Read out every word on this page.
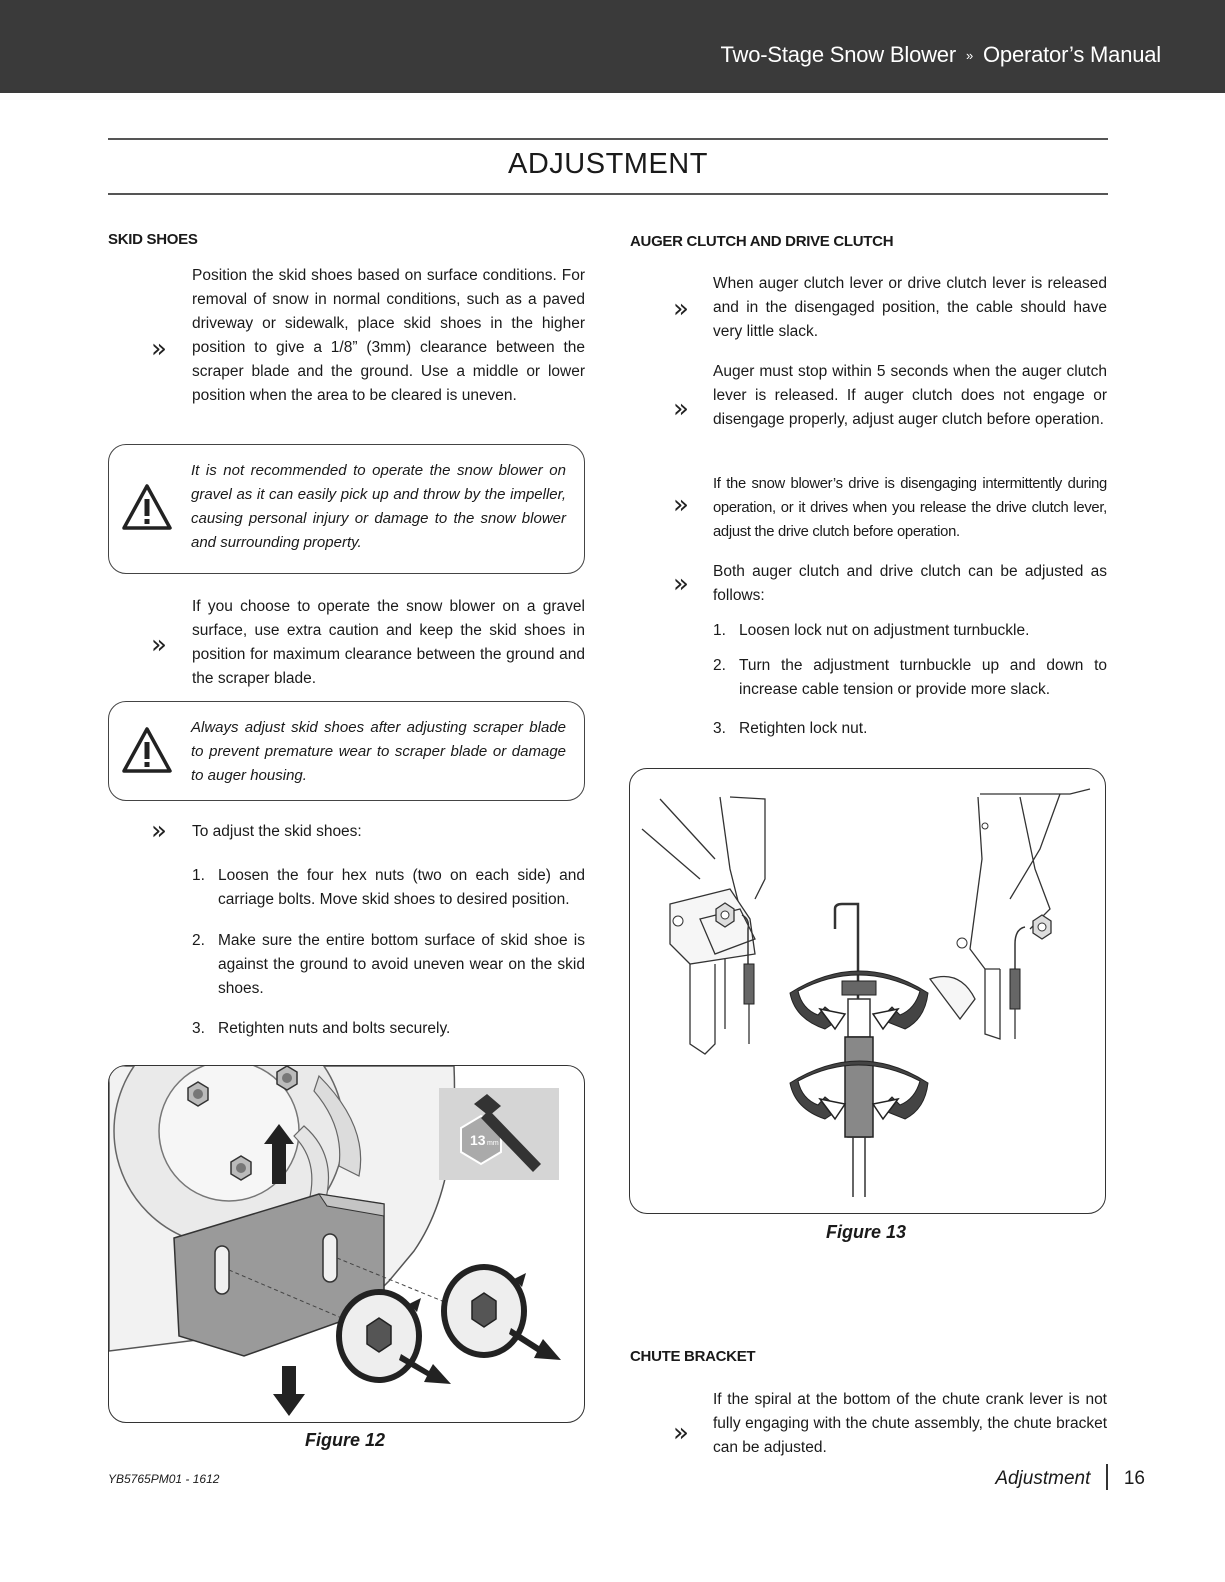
Two-Stage Snow Blower » Operator’s Manual
ADJUSTMENT
SKID SHOES
»
Position the skid shoes based on surface conditions. For removal of snow in normal conditions, such as a paved driveway or sidewalk, place skid shoes in the higher position to give a 1/8” (3mm) clearance between the scraper blade and the ground. Use a middle or lower position when the area to be cleared is uneven.
It is not recommended to operate the snow blower on gravel as it can easily pick up and throw by the impeller, causing personal injury or damage to the snow blower and surrounding property.
»
If you choose to operate the snow blower on a gravel surface, use extra caution and keep the skid shoes in position for maximum clearance between the ground and the scraper blade.
Always adjust skid shoes after adjusting scraper blade to prevent premature wear to scraper blade or damage to auger housing.
» To adjust the skid shoes:
1. Loosen the four hex nuts (two on each side) and carriage bolts. Move skid shoes to desired position.
2. Make sure the entire bottom surface of skid shoe is against the ground to avoid uneven wear on the skid shoes.
3. Retighten nuts and bolts securely.
13 mm
Figure 12
AUGER CLUTCH AND DRIVE CLUTCH
»
When auger clutch lever or drive clutch lever is released and in the disengaged position, the cable should have very little slack.
»
Auger must stop within 5 seconds when the auger clutch lever is released. If auger clutch does not engage or disengage properly, adjust auger clutch before operation.
»
If the snow blower’s drive is disengaging intermittently during operation, or it drives when you release the drive clutch lever, adjust the drive clutch before operation.
» Both auger clutch and drive clutch can be adjusted as follows:
1. Loosen lock nut on adjustment turnbuckle.
2. Turn the adjustment turnbuckle up and down to increase cable tension or provide more slack.
3. Retighten lock nut.
Figure 13
CHUTE BRACKET
»
If the spiral at the bottom of the chute crank lever is not fully engaging with the chute assembly, the chute bracket can be adjusted.
YB5765PM01 - 1612	Adjustment 16
